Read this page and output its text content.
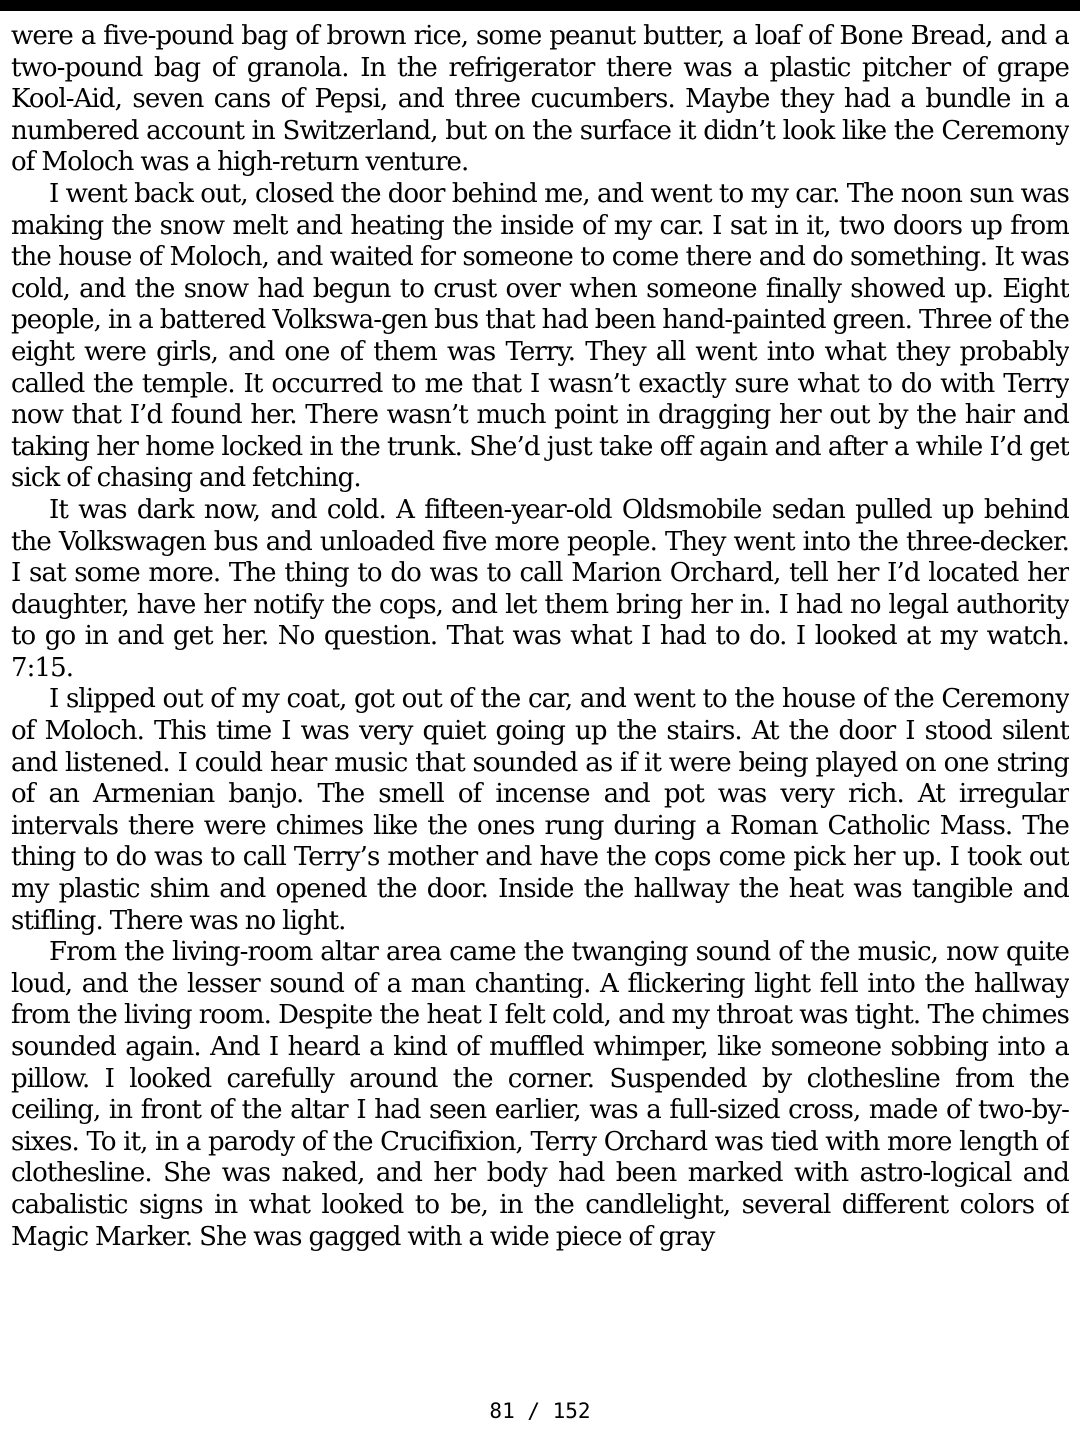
were a five-pound bag of brown rice, some peanut butter, a loaf of Bone Bread, and a two-pound bag of granola. In the refrigerator there was a plastic pitcher of grape Kool-Aid, seven cans of Pepsi, and three cucumbers. Maybe they had a bundle in a numbered account in Switzerland, but on the surface it didn’t look like the Ceremony of Moloch was a high-return venture.

I went back out, closed the door behind me, and went to my car. The noon sun was making the snow melt and heating the inside of my car. I sat in it, two doors up from the house of Moloch, and waited for someone to come there and do something. It was cold, and the snow had begun to crust over when someone finally showed up. Eight people, in a battered Volkswa-gen bus that had been hand-painted green. Three of the eight were girls, and one of them was Terry. They all went into what they probably called the temple. It occurred to me that I wasn’t exactly sure what to do with Terry now that I’d found her. There wasn’t much point in dragging her out by the hair and taking her home locked in the trunk. She’d just take off again and after a while I’d get sick of chasing and fetching.

It was dark now, and cold. A fifteen-year-old Oldsmobile sedan pulled up behind the Volkswagen bus and unloaded five more people. They went into the three-decker. I sat some more. The thing to do was to call Marion Orchard, tell her I’d located her daughter, have her notify the cops, and let them bring her in. I had no legal authority to go in and get her. No question. That was what I had to do. I looked at my watch. 7:15.

I slipped out of my coat, got out of the car, and went to the house of the Ceremony of Moloch. This time I was very quiet going up the stairs. At the door I stood silent and listened. I could hear music that sounded as if it were being played on one string of an Armenian banjo. The smell of incense and pot was very rich. At irregular intervals there were chimes like the ones rung during a Roman Catholic Mass. The thing to do was to call Terry’s mother and have the cops come pick her up. I took out my plastic shim and opened the door. Inside the hallway the heat was tangible and stifling. There was no light.

From the living-room altar area came the twanging sound of the music, now quite loud, and the lesser sound of a man chanting. A flickering light fell into the hallway from the living room. Despite the heat I felt cold, and my throat was tight. The chimes sounded again. And I heard a kind of muffled whimper, like someone sobbing into a pillow. I looked carefully around the corner. Suspended by clothesline from the ceiling, in front of the altar I had seen earlier, was a full-sized cross, made of two-by-sixes. To it, in a parody of the Crucifixion, Terry Orchard was tied with more length of clothesline. She was naked, and her body had been marked with astro-logical and cabalistic signs in what looked to be, in the candlelight, several different colors of Magic Marker. She was gagged with a wide piece of gray

81 / 152
